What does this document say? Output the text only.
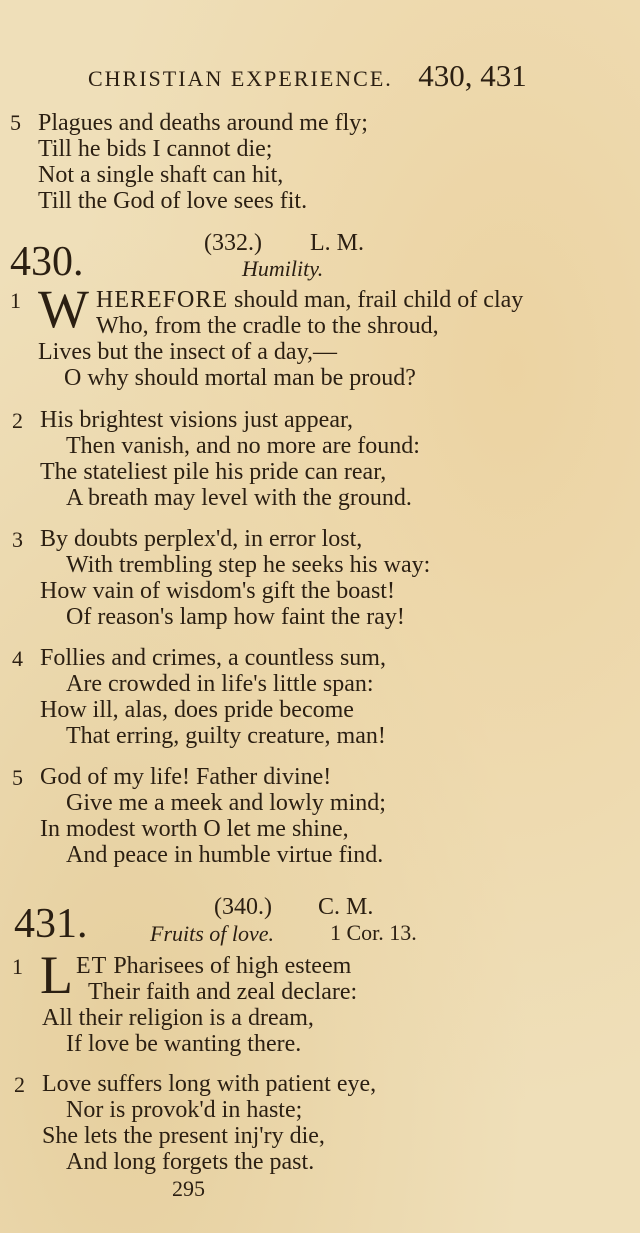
CHRISTIAN EXPERIENCE. 430, 431
5 Plagues and deaths around me fly;
Till he bids I cannot die;
Not a single shaft can hit,
Till the God of love sees fit.
430.	(332.) L. M.
Humility.
1 W HEREFORE should man, frail child of clay
Who, from the cradle to the shroud,
Lives but the insect of a day,—
O why should mortal man be proud?
2 His brightest visions just appear,
Then vanish, and no more are found:
The stateliest pile his pride can rear,
A breath may level with the ground.
3 By doubts perplex'd, in error lost,
With trembling step he seeks his way:
How vain of wisdom's gift the boast!
Of reason's lamp how faint the ray!
4 Follies and crimes, a countless sum,
Are crowded in life's little span:
How ill, alas, does pride become
That erring, guilty creature, man!
5 God of my life! Father divine!
Give me a meek and lowly mind;
In modest worth O let me shine,
And peace in humble virtue find.
431.	(340.) C. M.
Fruits of love.	1 Cor. 13.
1 L ET Pharisees of high esteem
Their faith and zeal declare:
All their religion is a dream,
If love be wanting there.
2 Love suffers long with patient eye,
Nor is provok'd in haste;
She lets the present inj'ry die,
And long forgets the past.
295
